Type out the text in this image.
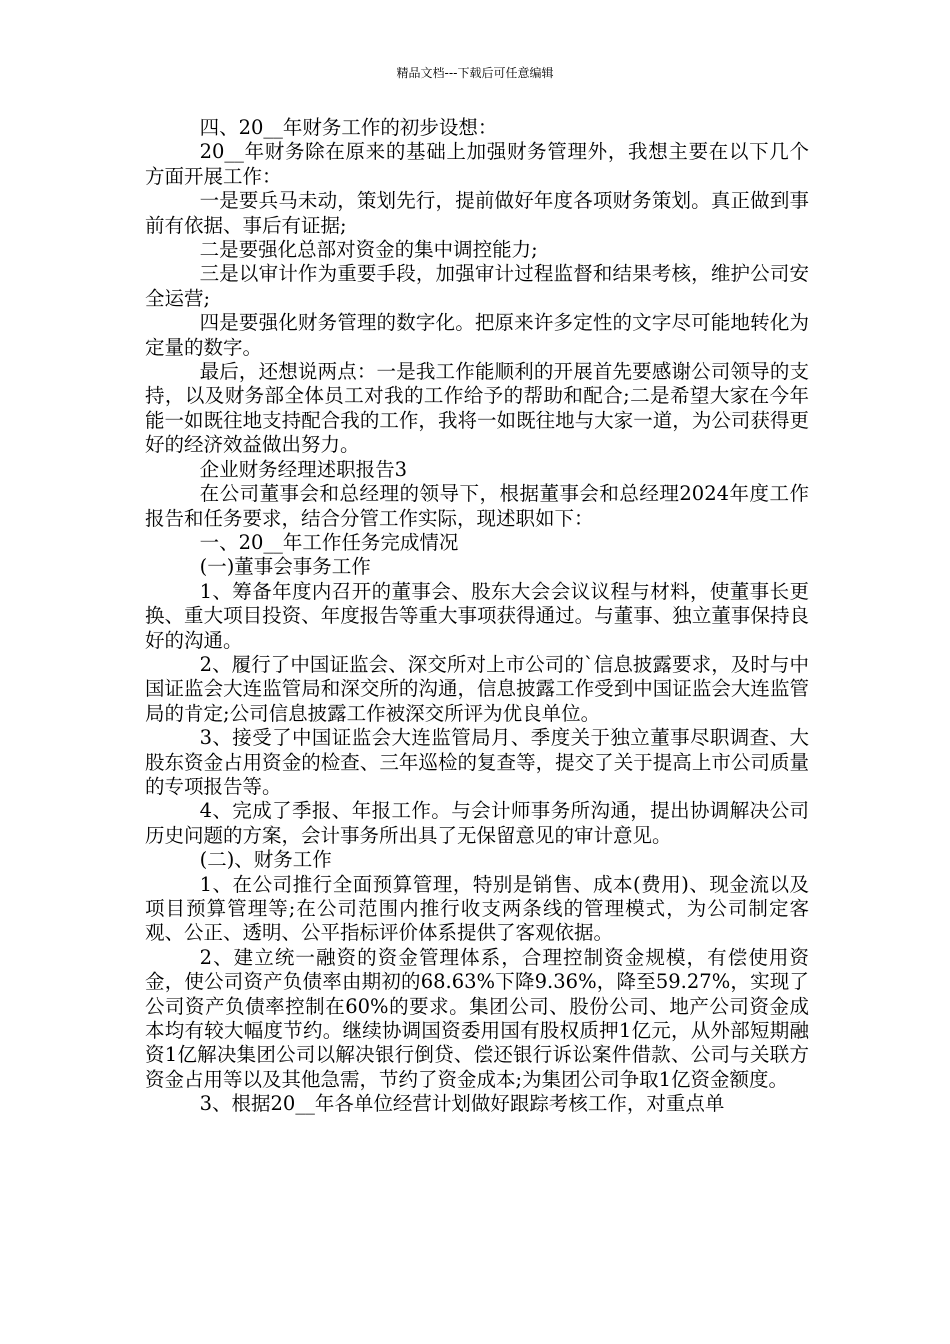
精品文档---下载后可任意编辑

四、20__年财务工作的初步设想：

20__年财务除在原来的基础上加强财务管理外，我想主要在以下几个方面开展工作：

一是要兵马未动，策划先行，提前做好年度各项财务策划。真正做到事前有依据、事后有证据;

二是要强化总部对资金的集中调控能力;

三是以审计作为重要手段，加强审计过程监督和结果考核，维护公司安全运营;

四是要强化财务管理的数字化。把原来许多定性的文字尽可能地转化为定量的数字。

最后，还想说两点：一是我工作能顺利的开展首先要感谢公司领导的支持，以及财务部全体员工对我的工作给予的帮助和配合;二是希望大家在今年能一如既往地支持配合我的工作，我将一如既往地与大家一道，为公司获得更好的经济效益做出努力。

企业财务经理述职报告3

在公司董事会和总经理的领导下，根据董事会和总经理2024年度工作报告和任务要求，结合分管工作实际，现述职如下：

一、20__年工作任务完成情况

(一)董事会事务工作

1、筹备年度内召开的董事会、股东大会会议议程与材料，使董事长更换、重大项目投资、年度报告等重大事项获得通过。与董事、独立董事保持良好的沟通。

2、履行了中国证监会、深交所对上市公司的`信息披露要求，及时与中国证监会大连监管局和深交所的沟通，信息披露工作受到中国证监会大连监管局的肯定;公司信息披露工作被深交所评为优良单位。

3、接受了中国证监会大连监管局月、季度关于独立董事尽职调查、大股东资金占用资金的检查、三年巡检的复查等，提交了关于提高上市公司质量的专项报告等。

4、完成了季报、年报工作。与会计师事务所沟通，提出协调解决公司历史问题的方案，会计事务所出具了无保留意见的审计意见。

(二)、财务工作

1、在公司推行全面预算管理，特别是销售、成本(费用)、现金流以及项目预算管理等;在公司范围内推行收支两条线的管理模式，为公司制定客观、公正、透明、公平指标评价体系提供了客观依据。

2、建立统一融资的资金管理体系，合理控制资金规模，有偿使用资金，使公司资产负债率由期初的68.63%下降9.36%，降至59.27%，实现了公司资产负债率控制在60%的要求。集团公司、股份公司、地产公司资金成本均有较大幅度节约。继续协调国资委用国有股权质押1亿元，从外部短期融资1亿解决集团公司以解决银行倒贷、偿还银行诉讼案件借款、公司与关联方资金占用等以及其他急需，节约了资金成本;为集团公司争取1亿资金额度。

3、根据20__年各单位经营计划做好跟踪考核工作，对重点单
